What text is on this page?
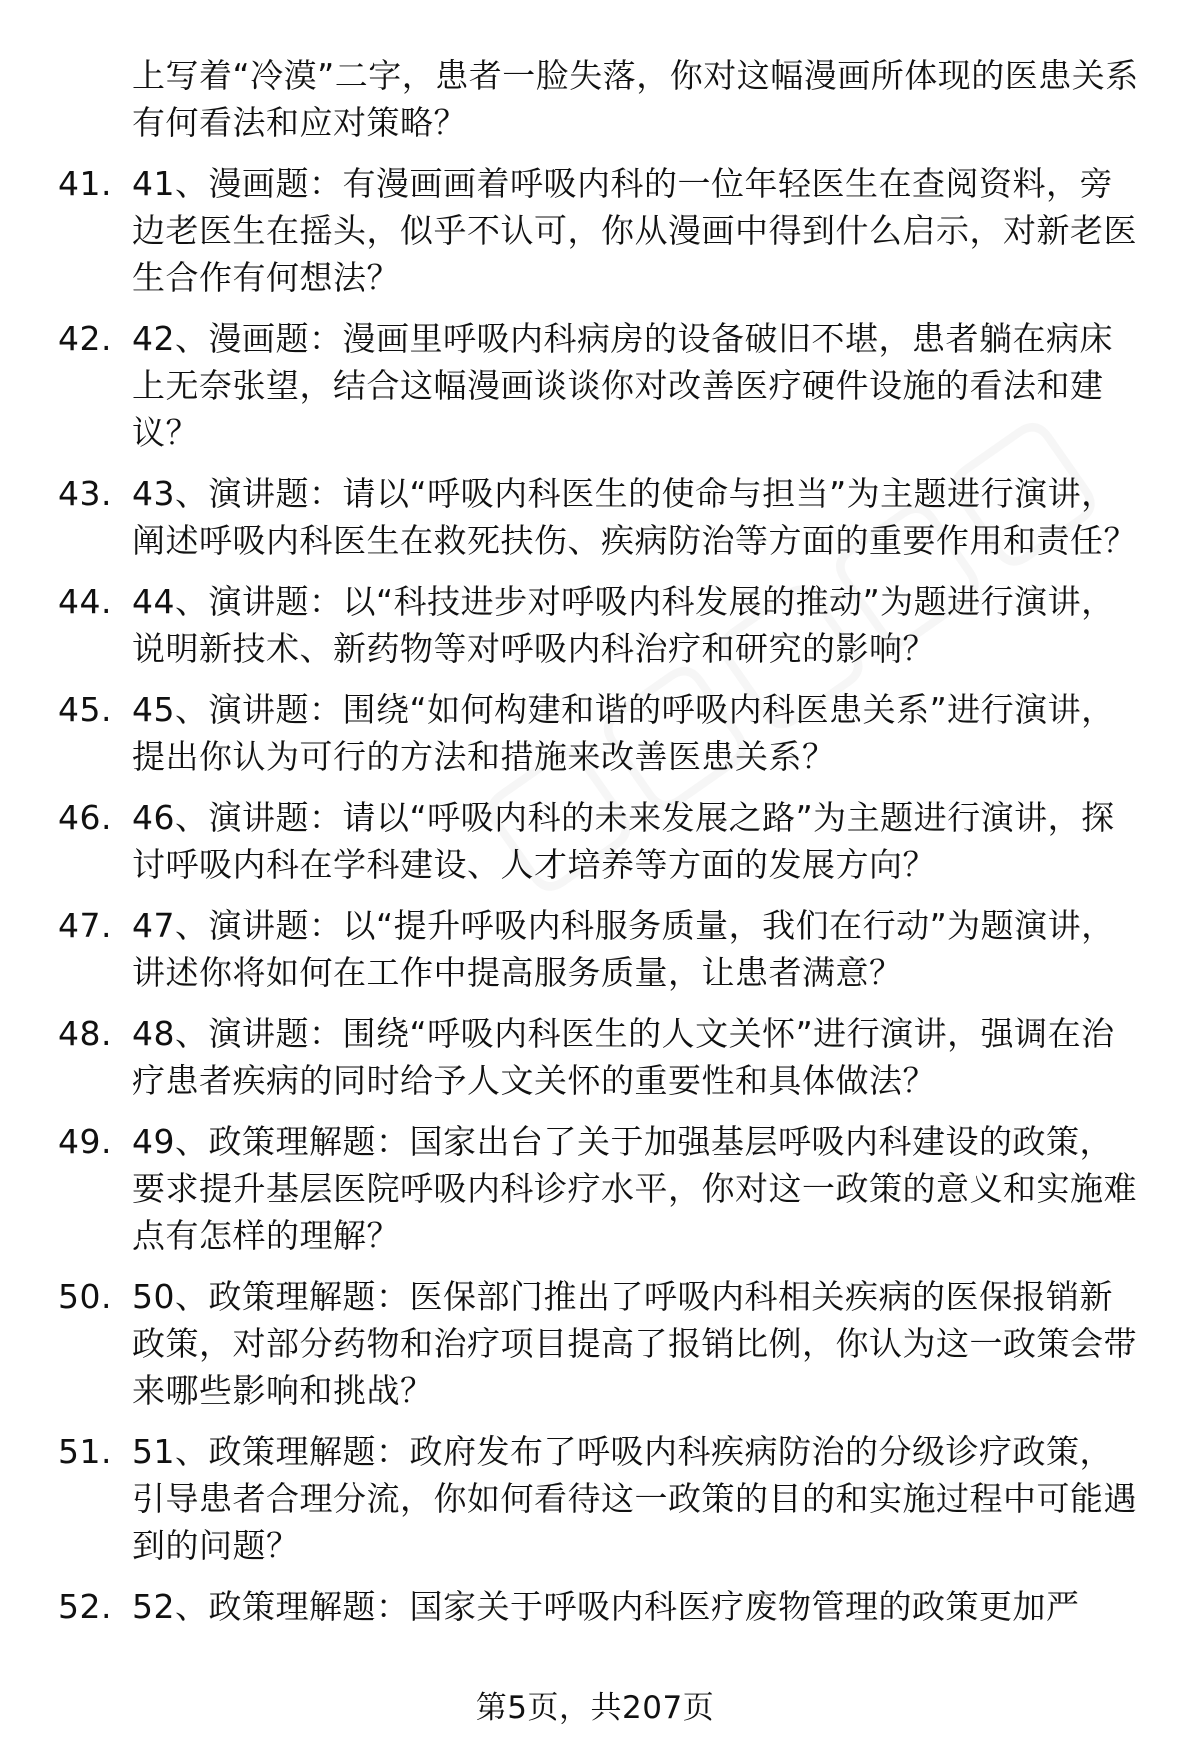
上写着“冷漠”二字，患者一脸失落，你对这幅漫画所体现的医患关系有何看法和应对策略？
41. 41、漫画题：有漫画画着呼吸内科的一位年轻医生在查阅资料，旁边老医生在摇头，似乎不认可，你从漫画中得到什么启示，对新老医生合作有何想法？
42. 42、漫画题：漫画里呼吸内科病房的设备破旧不堪，患者躺在病床上无奈张望，结合这幅漫画谈谈你对改善医疗硬件设施的看法和建议？
43. 43、演讲题：请以“呼吸内科医生的使命与担当”为主题进行演讲，阐述呼吸内科医生在救死扶伤、疾病防治等方面的重要作用和责任？
44. 44、演讲题：以“科技进步对呼吸内科发展的推动”为题进行演讲，说明新技术、新药物等对呼吸内科治疗和研究的影响？
45. 45、演讲题：围绕“如何构建和谐的呼吸内科医患关系”进行演讲，提出你认为可行的方法和措施来改善医患关系？
46. 46、演讲题：请以“呼吸内科的未来发展之路”为主题进行演讲，探讨呼吸内科在学科建设、人才培养等方面的发展方向？
47. 47、演讲题：以“提升呼吸内科服务质量，我们在行动”为题演讲，讲述你将如何在工作中提高服务质量，让患者满意？
48. 48、演讲题：围绕“呼吸内科医生的人文关怀”进行演讲，强调在治疗患者疾病的同时给予人文关怀的重要性和具体做法？
49. 49、政策理解题：国家出台了关于加强基层呼吸内科建设的政策，要求提升基层医院呼吸内科诊疗水平，你对这一政策的意义和实施难点有怎样的理解？
50. 50、政策理解题：医保部门推出了呼吸内科相关疾病的医保报销新政策，对部分药物和治疗项目提高了报销比例，你认为这一政策会带来哪些影响和挑战？
51. 51、政策理解题：政府发布了呼吸内科疾病防治的分级诊疗政策，引导患者合理分流，你如何看待这一政策的目的和实施过程中可能遇到的问题？
52. 52、政策理解题：国家关于呼吸内科医疗废物管理的政策更加严
第5页，共207页
